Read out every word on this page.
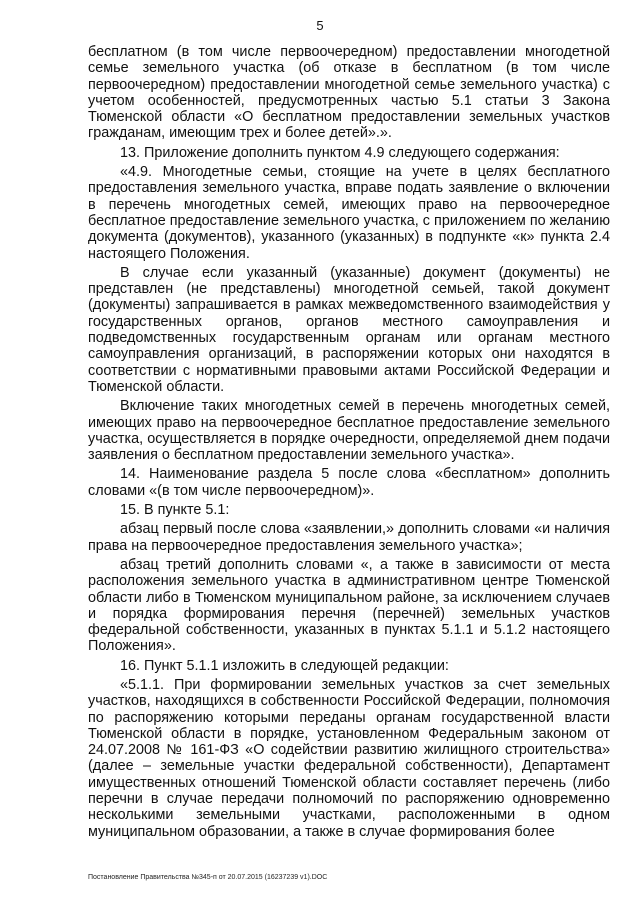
5

бесплатном (в том числе первоочередном) предоставлении многодетной семье земельного участка (об отказе в бесплатном (в том числе первоочередном) предоставлении многодетной семье земельного участка) с учетом особенностей, предусмотренных частью 5.1 статьи 3 Закона Тюменской области «О бесплатном предоставлении земельных участков гражданам, имеющим трех и более детей».».

13. Приложение дополнить пунктом 4.9 следующего содержания:

«4.9. Многодетные семьи, стоящие на учете в целях бесплатного предоставления земельного участка, вправе подать заявление о включении в перечень многодетных семей, имеющих право на первоочередное бесплатное предоставление земельного участка, с приложением по желанию документа (документов), указанного (указанных) в подпункте «к» пункта 2.4 настоящего Положения.

В случае если указанный (указанные) документ (документы) не представлен (не представлены) многодетной семьей, такой документ (документы) запрашивается в рамках межведомственного взаимодействия у государственных органов, органов местного самоуправления и подведомственных государственным органам или органам местного самоуправления организаций, в распоряжении которых они находятся в соответствии с нормативными правовыми актами Российской Федерации и Тюменской области.

Включение таких многодетных семей в перечень многодетных семей, имеющих право на первоочередное бесплатное предоставление земельного участка, осуществляется в порядке очередности, определяемой днем подачи заявления о бесплатном предоставлении земельного участка».

14. Наименование раздела 5 после слова «бесплатном» дополнить словами «(в том числе первоочередном)».

15. В пункте 5.1:

абзац первый после слова «заявлении,» дополнить словами «и наличия права на первоочередное предоставления земельного участка»;

абзац третий дополнить словами «, а также в зависимости от места расположения земельного участка в административном центре Тюменской области либо в Тюменском муниципальном районе, за исключением случаев и порядка формирования перечня (перечней) земельных участков федеральной собственности, указанных в пунктах 5.1.1 и 5.1.2 настоящего Положения».

16. Пункт 5.1.1 изложить в следующей редакции:

«5.1.1. При формировании земельных участков за счет земельных участков, находящихся в собственности Российской Федерации, полномочия по распоряжению которыми переданы органам государственной власти Тюменской области в порядке, установленном Федеральным законом от 24.07.2008 № 161-ФЗ «О содействии развитию жилищного строительства» (далее – земельные участки федеральной собственности), Департамент имущественных отношений Тюменской области составляет перечень (либо перечни в случае передачи полномочий по распоряжению одновременно несколькими земельными участками, расположенными в одном муниципальном образовании, а также в случае формирования более

Постановление Правительства №345-п от 20.07.2015 (16237239 v1).DOC
